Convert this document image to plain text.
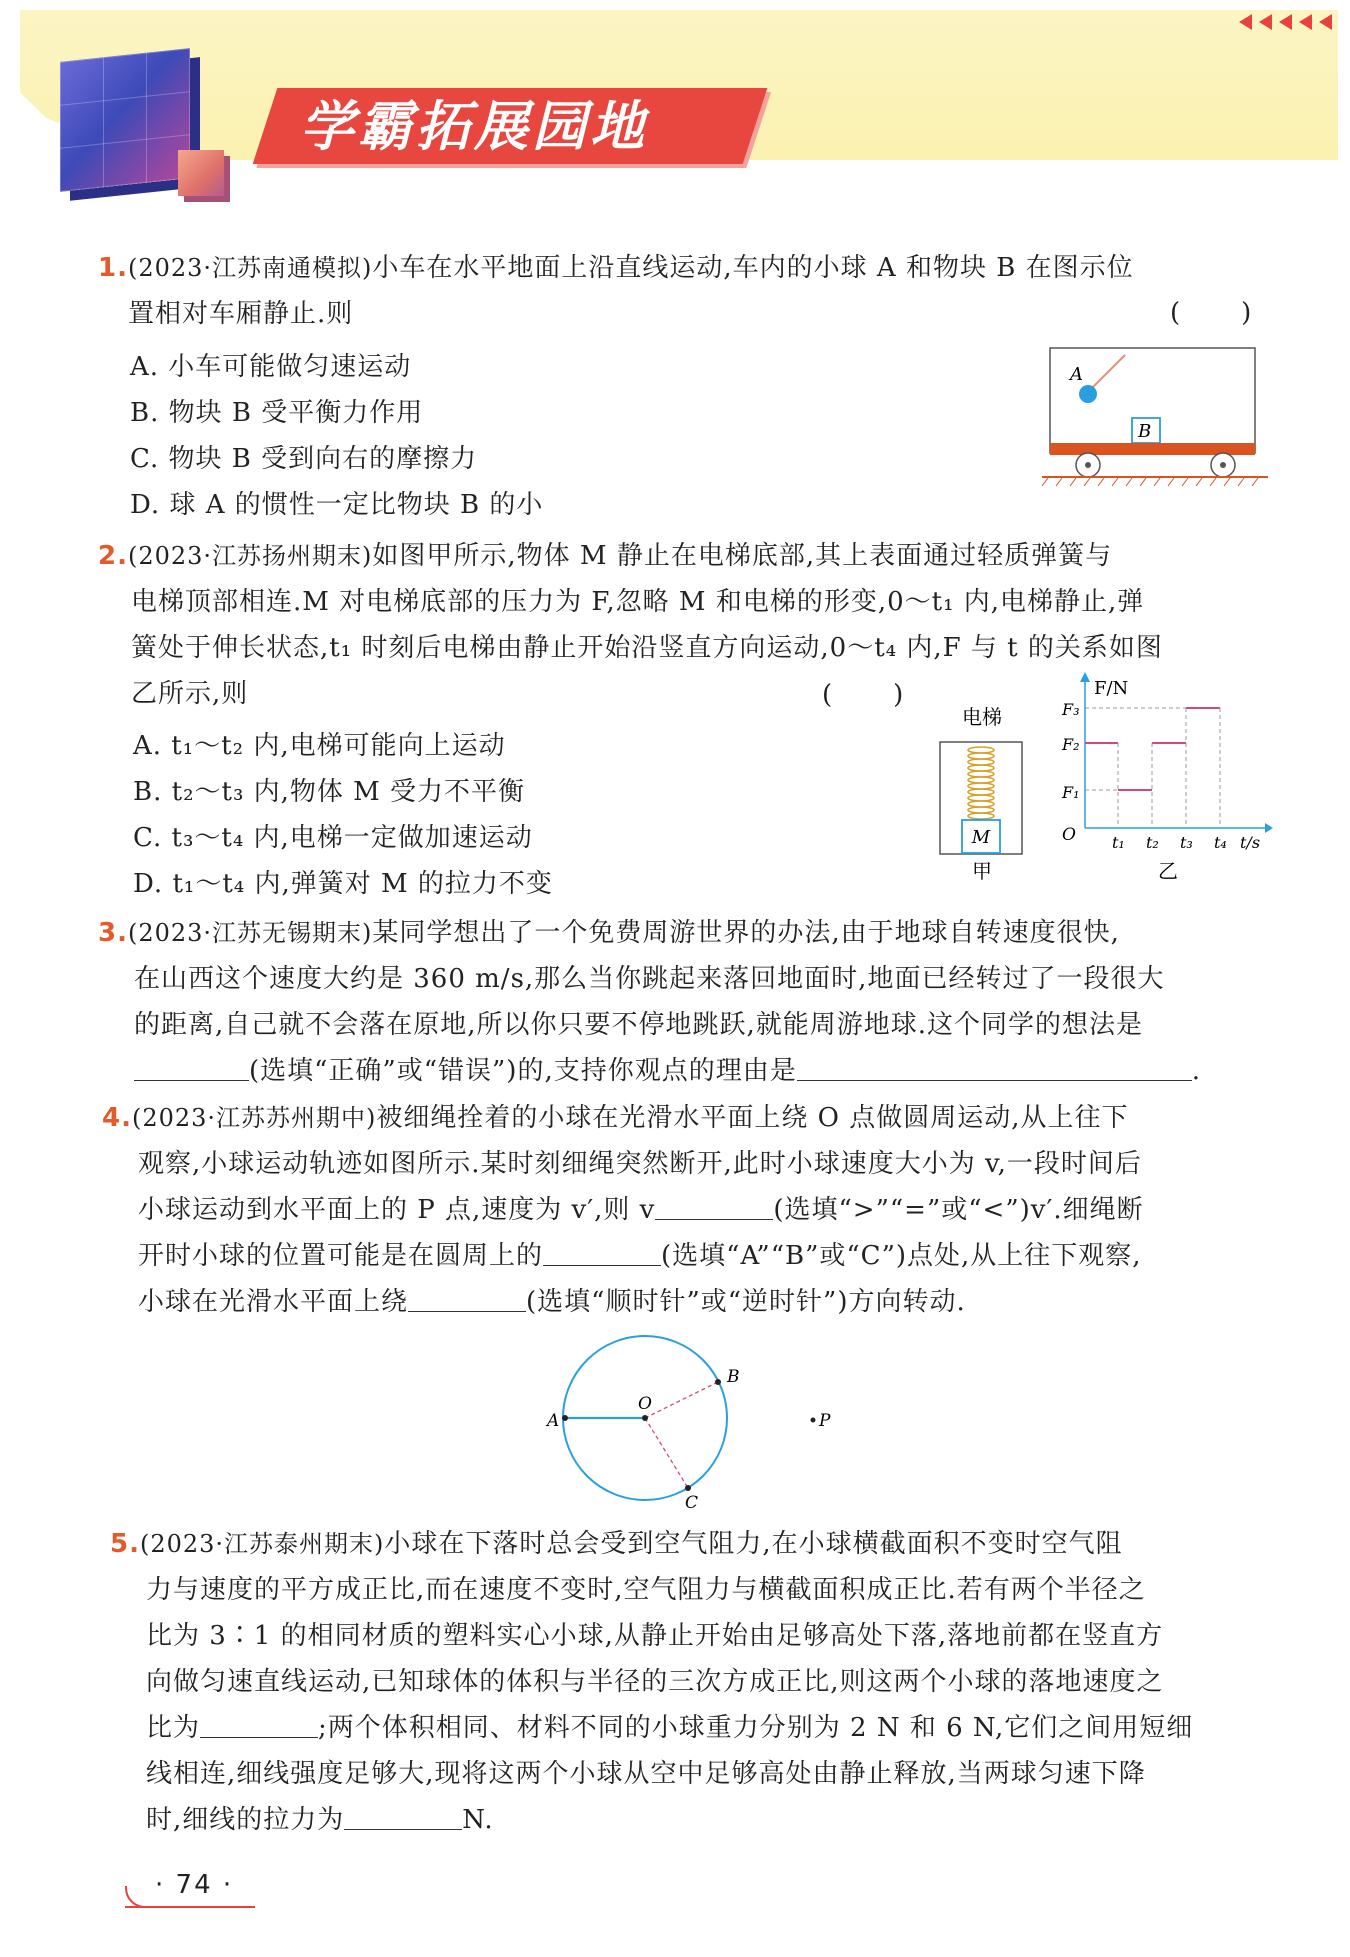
学霸拓展园地
1.(2023·江苏南通模拟)小车在水平地面上沿直线运动,车内的小球 A 和物块 B 在图示位
置相对车厢静止.则	(　　)
A. 小车可能做匀速运动
B. 物块 B 受平衡力作用
C. 物块 B 受到向右的摩擦力
D. 球 A 的惯性一定比物块 B 的小
A
B
2.(2023·江苏扬州期末)如图甲所示,物体 M 静止在电梯底部,其上表面通过轻质弹簧与
电梯顶部相连.M 对电梯底部的压力为 F,忽略 M 和电梯的形变,0～t₁ 内,电梯静止,弹
簧处于伸长状态,t₁ 时刻后电梯由静止开始沿竖直方向运动,0～t₄ 内,F 与 t 的关系如图
乙所示,则	(　　)
A. t₁～t₂ 内,电梯可能向上运动
B. t₂～t₃ 内,物体 M 受力不平衡
C. t₃～t₄ 内,电梯一定做加速运动
D. t₁～t₄ 内,弹簧对 M 的拉力不变
电梯
M
甲
F/N
O
F₁
F₂
F₃
t₁ t₂ t₃ t₄ t/s
乙
3.(2023·江苏无锡期末)某同学想出了一个免费周游世界的办法,由于地球自转速度很快,
在山西这个速度大约是 360 m/s,那么当你跳起来落回地面时,地面已经转过了一段很大
的距离,自己就不会落在原地,所以你只要不停地跳跃,就能周游地球.这个同学的想法是
(选填“正确”或“错误”)的,支持你观点的理由是	.
4.(2023·江苏苏州期中)被细绳拴着的小球在光滑水平面上绕 O 点做圆周运动,从上往下
观察,小球运动轨迹如图所示.某时刻细绳突然断开,此时小球速度大小为 v,一段时间后
小球运动到水平面上的 P 点,速度为 v′,则 v	(选填“>”“=”或“<”)v′.细绳断
开时小球的位置可能是在圆周上的	(选填“A”“B”或“C”)点处,从上往下观察,
小球在光滑水平面上绕	(选填“顺时针”或“逆时针”)方向转动.
A
O
B
C
P
5.(2023·江苏泰州期末)小球在下落时总会受到空气阻力,在小球横截面积不变时空气阻
力与速度的平方成正比,而在速度不变时,空气阻力与横截面积成正比.若有两个半径之
比为 3∶1 的相同材质的塑料实心小球,从静止开始由足够高处下落,落地前都在竖直方
向做匀速直线运动,已知球体的体积与半径的三次方成正比,则这两个小球的落地速度之
比为	;两个体积相同、材料不同的小球重力分别为 2 N 和 6 N,它们之间用短细
线相连,细线强度足够大,现将这两个小球从空中足够高处由静止释放,当两球匀速下降
时,细线的拉力为	N.
· 74 ·
